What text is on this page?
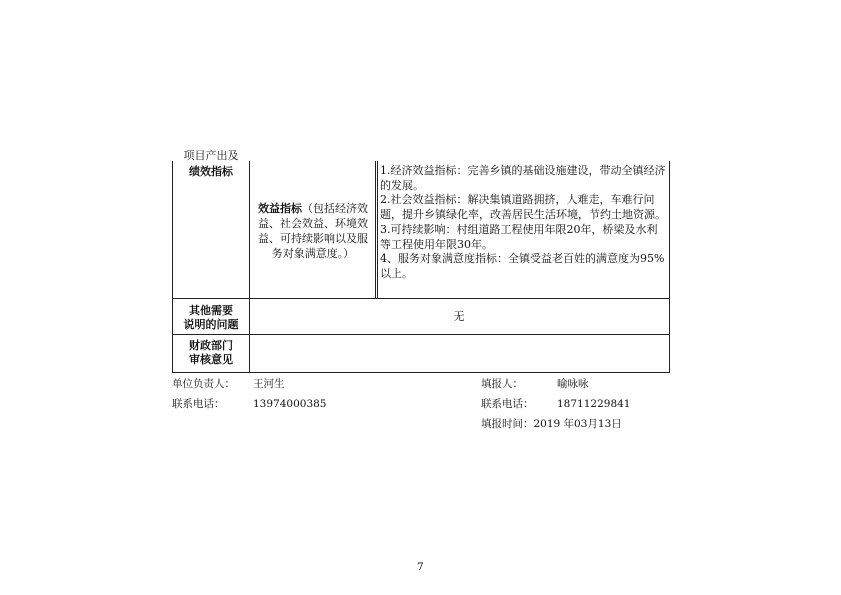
项目产出及
绩效指标
效益指标（包括经济效益、社会效益、环境效益、可持续影响以及服务对象满意度。）
1.经济效益指标：完善乡镇的基础设施建设，带动全镇经济的发展。
2.社会效益指标：解决集镇道路拥挤，人难走，车难行问题，提升乡镇绿化率，改善居民生活环境，节约土地资源。
3.可持续影响：村组道路工程使用年限20年，桥梁及水利等工程使用年限30年。
4、服务对象满意度指标：全镇受益老百姓的满意度为95%以上。
其他需要
说明的问题
无
财政部门
审核意见
单位负责人： 王河生
联系电话：	13974000385
填报人：	喻咏咏
联系电话： 18711229841
填报时间：2019 年03月13日
7
